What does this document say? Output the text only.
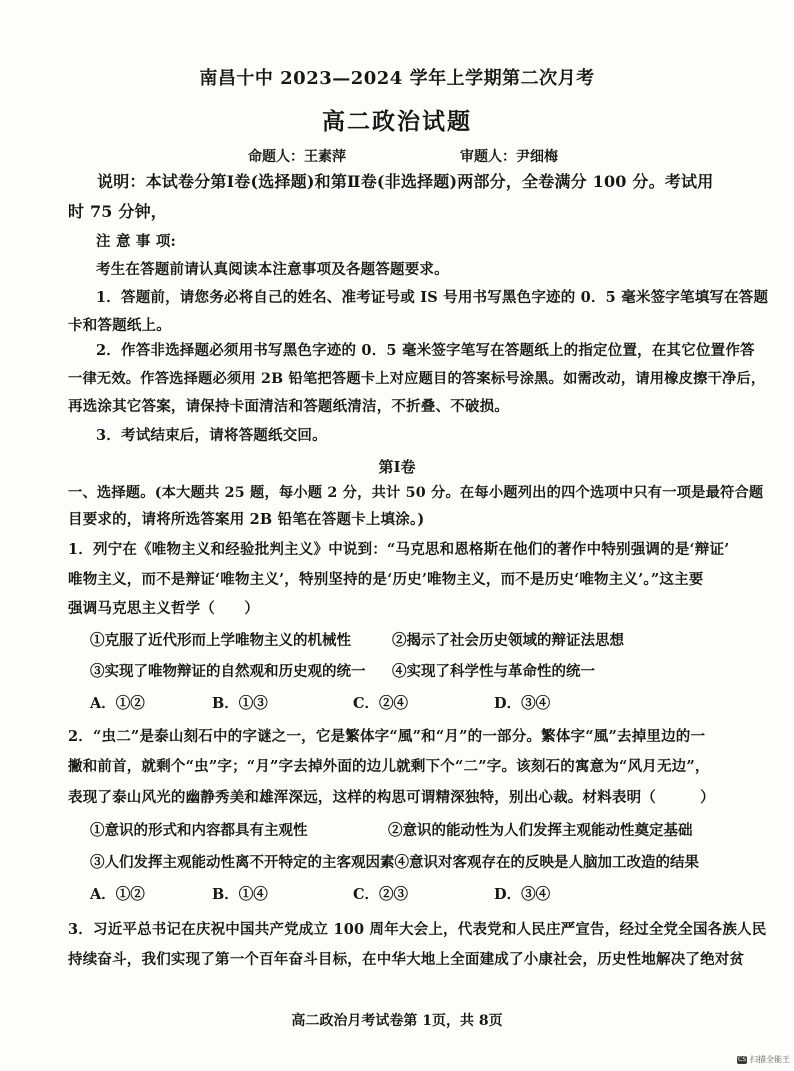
南昌十中 2023—2024 学年上学期第二次月考
高二政治试题
命题人：王素萍	审题人：尹细梅
说明：本试卷分第Ⅰ卷(选择题)和第Ⅱ卷(非选择题)两部分，全卷满分 100 分。考试用
时 75 分钟，
注 意 事 项:
考生在答题前请认真阅读本注意事项及各题答题要求。
1．答题前，请您务必将自己的姓名、准考证号或 IS 号用书写黑色字迹的 0．5 毫米签字笔填写在答题
卡和答题纸上。
2．作答非选择题必须用书写黑色字迹的 0．5 毫米签字笔写在答题纸上的指定位置，在其它位置作答
一律无效。作答选择题必须用 2B 铅笔把答题卡上对应题目的答案标号涂黑。如需改动，请用橡皮擦干净后，
再选涂其它答案，请保持卡面清洁和答题纸清洁，不折叠、不破损。
3．考试结束后，请将答题纸交回。
第Ⅰ卷
一、选择题。(本大题共 25 题，每小题 2 分，共计 50 分。在每小题列出的四个选项中只有一项是最符合题
目要求的，请将所选答案用 2B 铅笔在答题卡上填涂。)
1．列宁在《唯物主义和经验批判主义》中说到：“马克思和恩格斯在他们的著作中特别强调的是‘辩证’
唯物主义，而不是辩证‘唯物主义’，特别坚持的是‘历史’唯物主义，而不是历史‘唯物主义’。”这主要
强调马克思主义哲学（　　）
①克服了近代形而上学唯物主义的机械性	②揭示了社会历史领域的辩证法思想
③实现了唯物辩证的自然观和历史观的统一 ④实现了科学性与革命性的统一
A．①②	B．①③	C．②④	D．③④
2．“虫二”是泰山刻石中的字谜之一，它是繁体字“風”和“月”的一部分。繁体字“風”去掉里边的一
撇和前首，就剩个“虫”字；“月”字去掉外面的边儿就剩下个“二”字。该刻石的寓意为“风月无边”，
表现了泰山风光的幽静秀美和雄浑深远，这样的构思可谓精深独特，别出心裁。材料表明（　　　）
①意识的形式和内容都具有主观性	②意识的能动性为人们发挥主观能动性奠定基础
③人们发挥主观能动性离不开特定的主客观因素④意识对客观存在的反映是人脑加工改造的结果
A．①②	B．①④	C．②③	D．③④
3．习近平总书记在庆祝中国共产党成立 100 周年大会上，代表党和人民庄严宣告，经过全党全国各族人民
持续奋斗，我们实现了第一个百年奋斗目标，在中华大地上全面建成了小康社会，历史性地解决了绝对贫
高二政治月考试卷第 1页，共 8页
CS 扫描全能王
